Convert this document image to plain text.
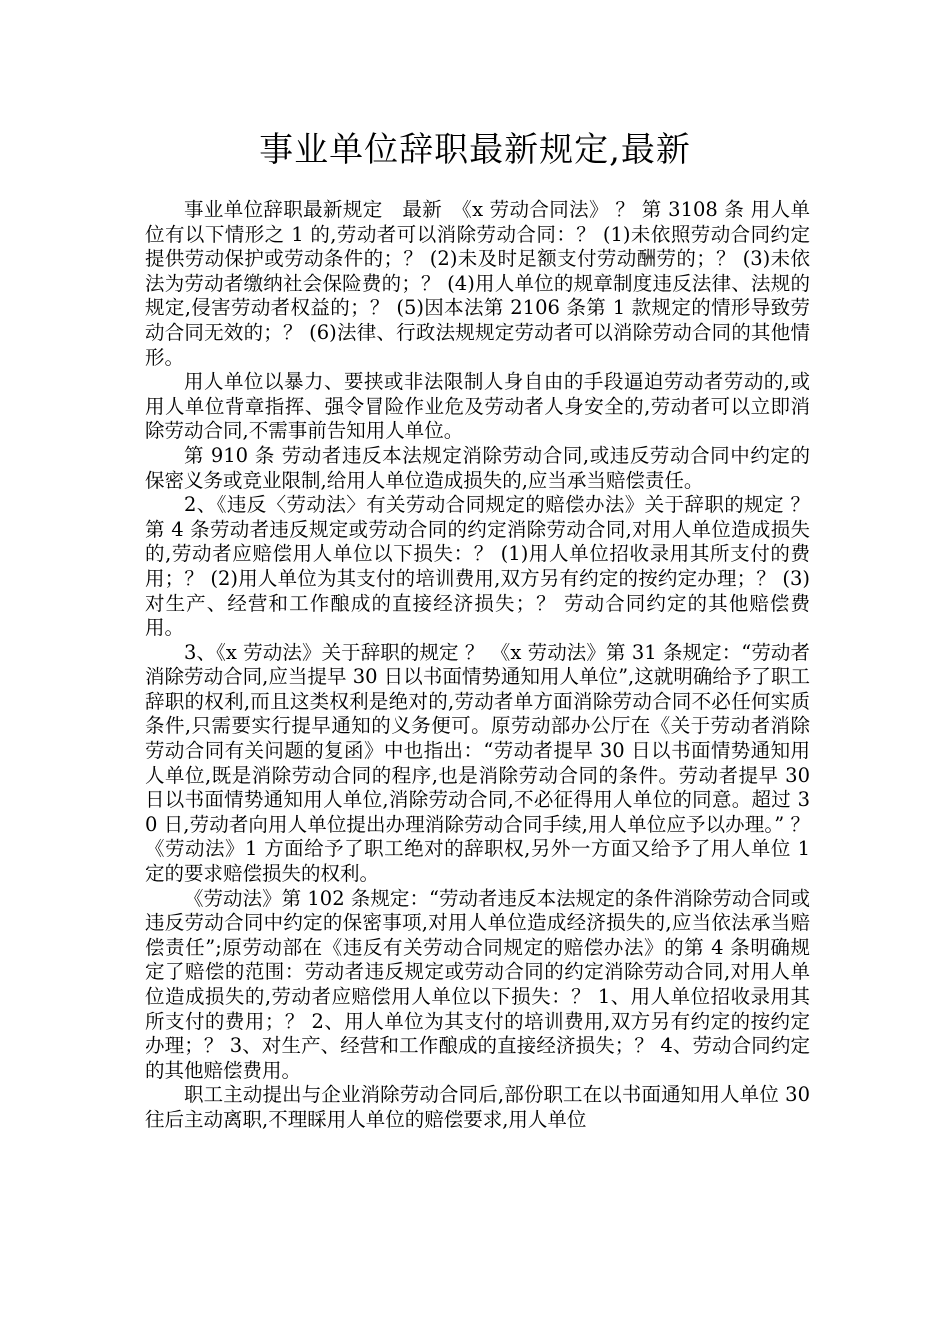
事业单位辞职最新规定,最新

事业单位辞职最新规定　最新　《x 劳动合同法》 ？ 第 3108 条 用人单位有以下情形之 1 的,劳动者可以消除劳动合同：？ (1)未依照劳动合同约定提供劳动保护或劳动条件的；？ (2)未及时足额支付劳动酬劳的；？ (3)未依法为劳动者缴纳社会保险费的；？ (4)用人单位的规章制度违反法律、法规的规定,侵害劳动者权益的；？ (5)因本法第 2106 条第 1 款规定的情形导致劳动合同无效的；？ (6)法律、行政法规规定劳动者可以消除劳动合同的其他情形。

用人单位以暴力、要挟或非法限制人身自由的手段逼迫劳动者劳动的,或用人单位背章指挥、强令冒险作业危及劳动者人身安全的,劳动者可以立即消除劳动合同,不需事前告知用人单位。

第 910 条 劳动者违反本法规定消除劳动合同,或违反劳动合同中约定的保密义务或竞业限制,给用人单位造成损失的,应当承当赔偿责任。

2、《违反〈劳动法〉有关劳动合同规定的赔偿办法》关于辞职的规定 ？ 第 4 条劳动者违反规定或劳动合同的约定消除劳动合同,对用人单位造成损失的,劳动者应赔偿用人单位以下损失：？ (1)用人单位招收录用其所支付的费用；？ (2)用人单位为其支付的培训费用,双方另有约定的按约定办理；？ (3)对生产、经营和工作酿成的直接经济损失；？ 劳动合同约定的其他赔偿费用。

3、《x 劳动法》关于辞职的规定 ？ 《x 劳动法》第 31 条规定：“劳动者消除劳动合同,应当提早 30 日以书面情势通知用人单位”,这就明确给予了职工辞职的权利,而且这类权利是绝对的,劳动者单方面消除劳动合同不必任何实质条件,只需要实行提早通知的义务便可。原劳动部办公厅在《关于劳动者消除劳动合同有关问题的复函》中也指出：“劳动者提早 30 日以书面情势通知用人单位,既是消除劳动合同的程序,也是消除劳动合同的条件。劳动者提早 30 日以书面情势通知用人单位,消除劳动合同,不必征得用人单位的同意。超过 30 日,劳动者向用人单位提出办理消除劳动合同手续,用人单位应予以办理。” ？ 《劳动法》1 方面给予了职工绝对的辞职权,另外一方面又给予了用人单位 1 定的要求赔偿损失的权利。

《劳动法》第 102 条规定：“劳动者违反本法规定的条件消除劳动合同或违反劳动合同中约定的保密事项,对用人单位造成经济损失的,应当依法承当赔偿责任”;原劳动部在《违反有关劳动合同规定的赔偿办法》的第 4 条明确规定了赔偿的范围：劳动者违反规定或劳动合同的约定消除劳动合同,对用人单位造成损失的,劳动者应赔偿用人单位以下损失：？ 1、用人单位招收录用其所支付的费用；？ 2、用人单位为其支付的培训费用,双方另有约定的按约定办理；？ 3、对生产、经营和工作酿成的直接经济损失；？ 4、劳动合同约定的其他赔偿费用。

职工主动提出与企业消除劳动合同后,部份职工在以书面通知用人单位 30 往后主动离职,不理睬用人单位的赔偿要求,用人单位
